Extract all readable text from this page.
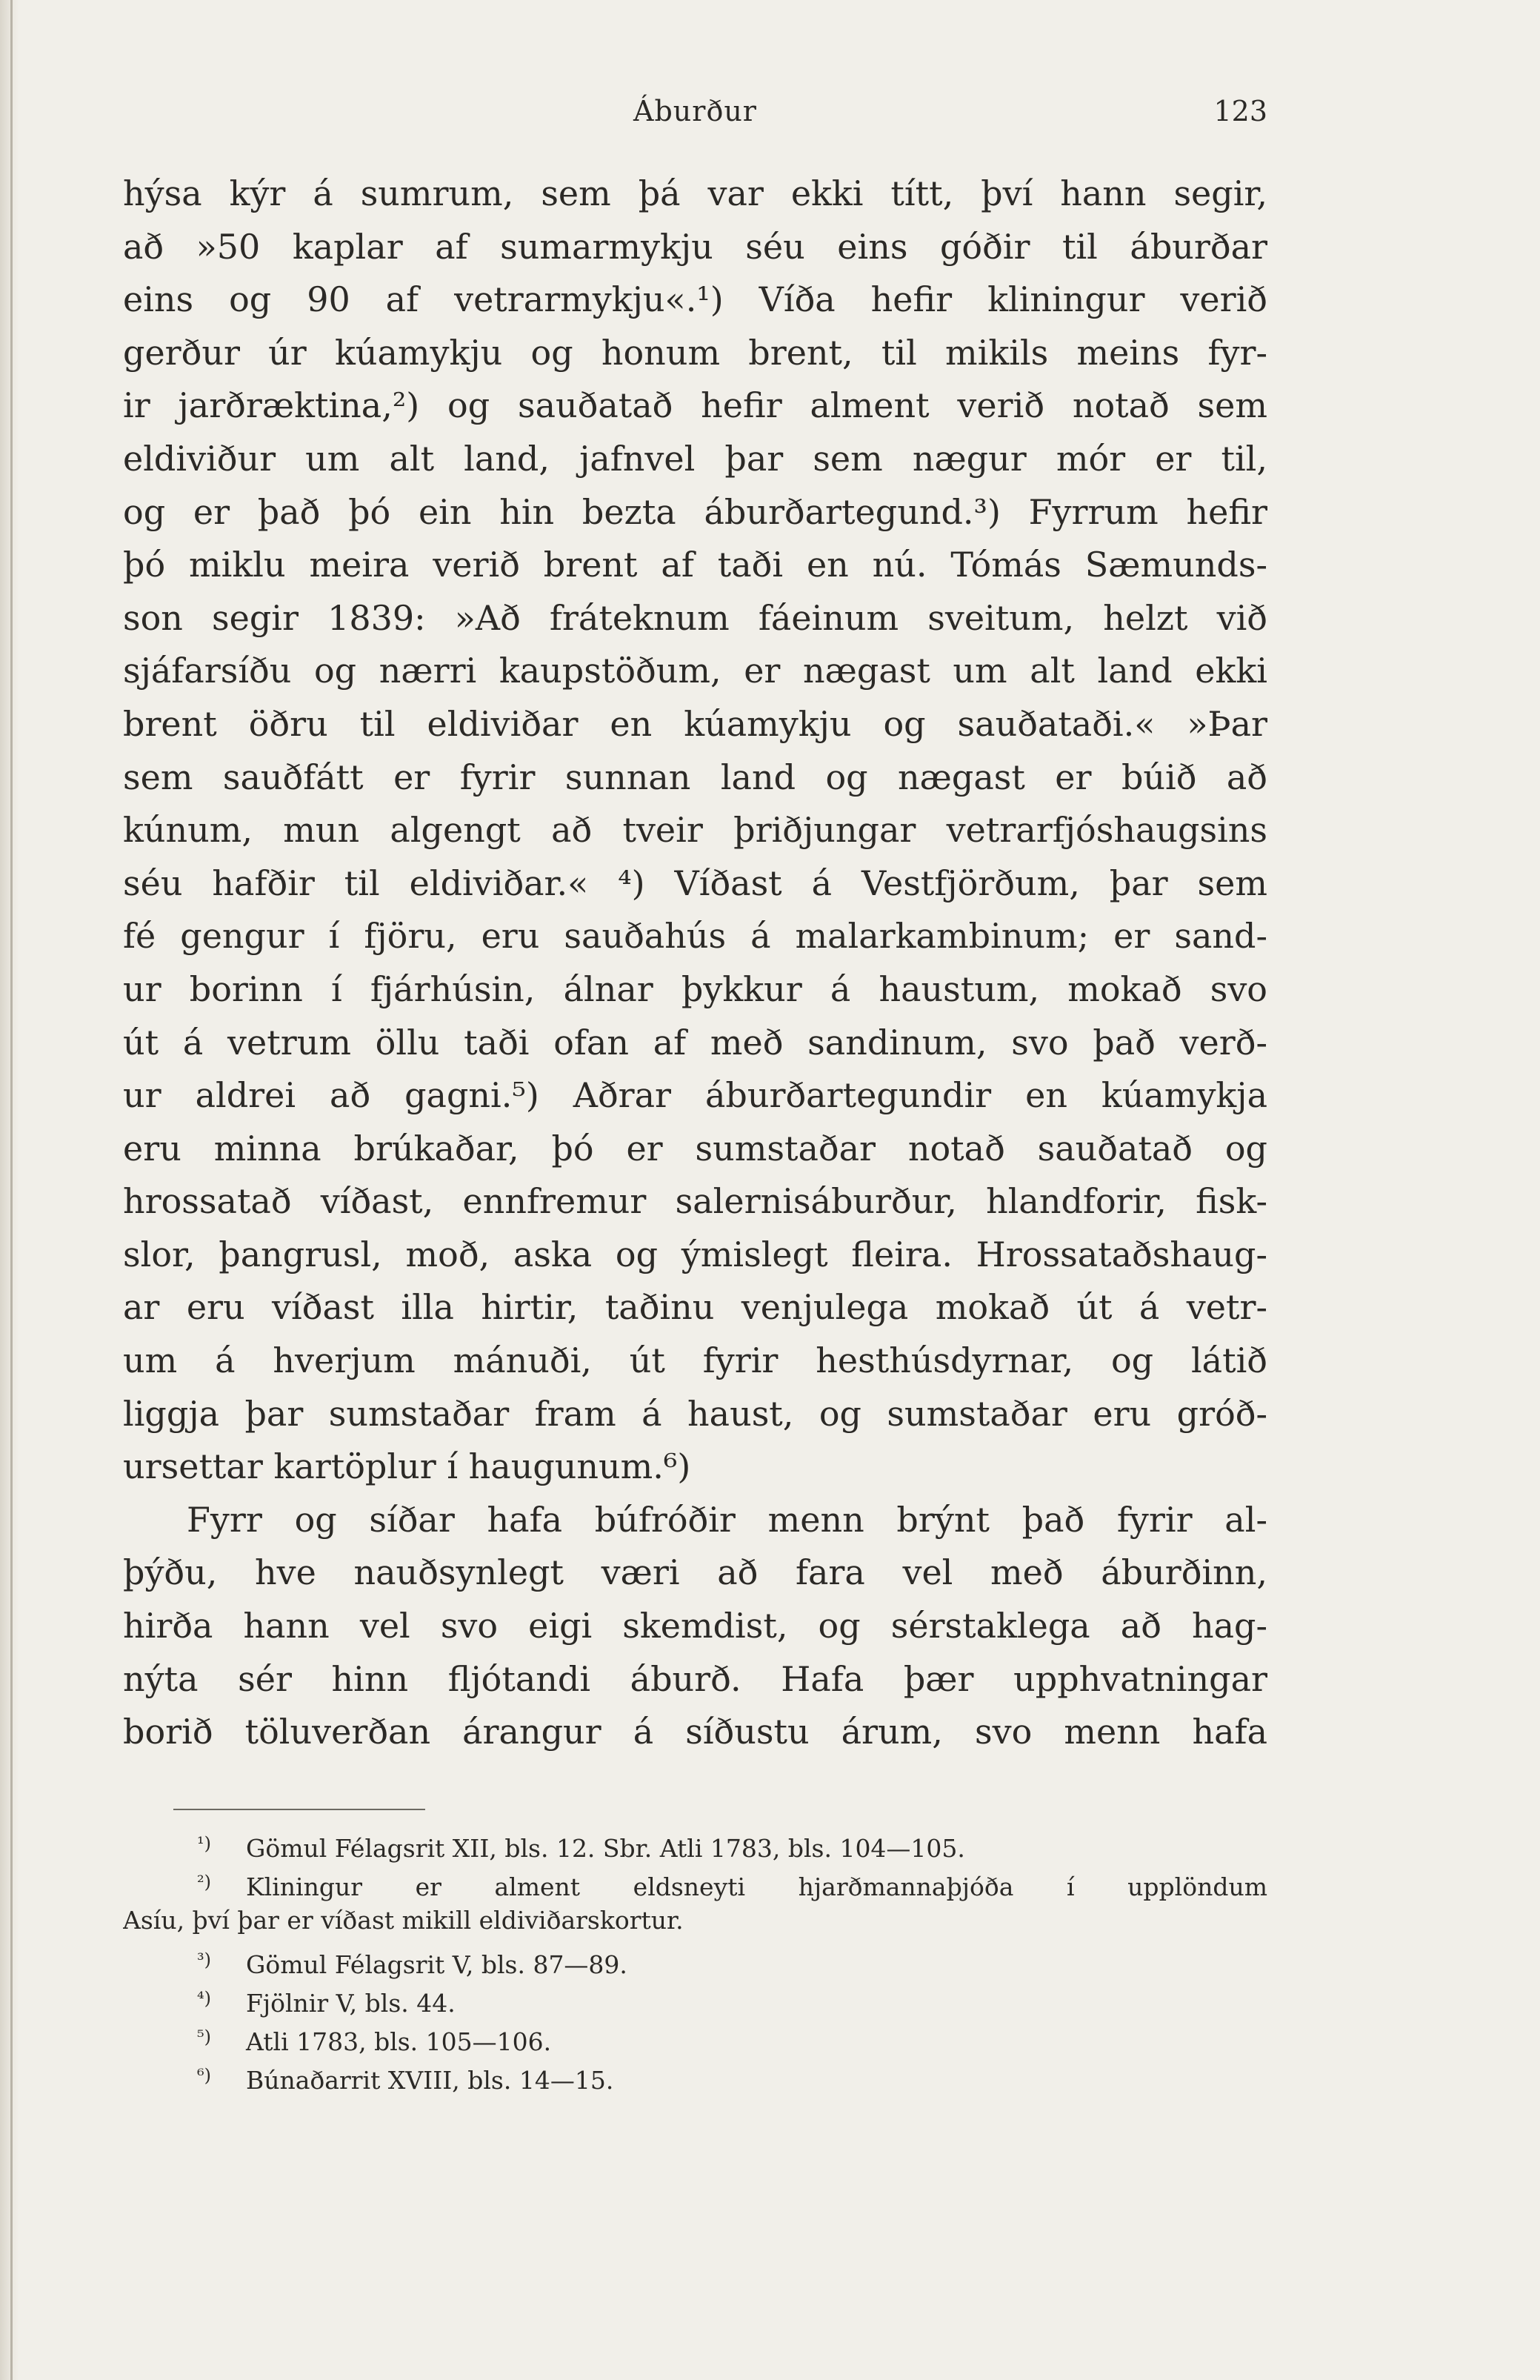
Áburður	123
hýsa kýr á sumrum, sem þá var ekki títt, því hann segir,
að »50 kaplar af sumarmykju séu eins góðir til áburðar
eins og 90 af vetrarmykju«.¹) Víða hefir kliningur verið
gerður úr kúamykju og honum brent, til mikils meins fyr-
ir jarðræktina,²) og sauðatað hefir alment verið notað sem
eldiviður um alt land, jafnvel þar sem nægur mór er til,
og er það þó ein hin bezta áburðartegund.³) Fyrrum hefir
þó miklu meira verið brent af taði en nú. Tómás Sæmunds-
son segir 1839: »Að fráteknum fáeinum sveitum, helzt við
sjáfarsíðu og nærri kaupstöðum, er nægast um alt land ekki
brent öðru til eldiviðar en kúamykju og sauðataði.« »Þar
sem sauðfátt er fyrir sunnan land og nægast er búið að
kúnum, mun algengt að tveir þriðjungar vetrarfjóshaugsins
séu hafðir til eldiviðar.« ⁴) Víðast á Vestfjörðum, þar sem
fé gengur í fjöru, eru sauðahús á malarkambinum; er sand-
ur borinn í fjárhúsin, álnar þykkur á haustum, mokað svo
út á vetrum öllu taði ofan af með sandinum, svo það verð-
ur aldrei að gagni.⁵) Aðrar áburðartegundir en kúamykja
eru minna brúkaðar, þó er sumstaðar notað sauðatað og
hrossatað víðast, ennfremur salernisáburður, hlandforir, fisk-
slor, þangrusl, moð, aska og ýmislegt fleira. Hrossataðshaug-
ar eru víðast illa hirtir, taðinu venjulega mokað út á vetr-
um á hverjum mánuði, út fyrir hesthúsdyrnar, og látið
liggja þar sumstaðar fram á haust, og sumstaðar eru gróð-
ursettar kartöplur í haugunum.⁶)
Fyrr og síðar hafa búfróðir menn brýnt það fyrir al-
þýðu, hve nauðsynlegt væri að fara vel með áburðinn,
hirða hann vel svo eigi skemdist, og sérstaklega að hag-
nýta sér hinn fljótandi áburð. Hafa þær upphvatningar
borið töluverðan árangur á síðustu árum, svo menn hafa
¹) Gömul Félagsrit XII, bls. 12. Sbr. Atli 1783, bls. 104—105.
²) Kliningur er alment eldsneyti hjarðmannaþjóða í upplöndum
Asíu, því þar er víðast mikill eldiviðarskortur.
³) Gömul Félagsrit V, bls. 87—89.
⁴) Fjölnir V, bls. 44.
⁵) Atli 1783, bls. 105—106.
⁶) Búnaðarrit XVIII, bls. 14—15.
